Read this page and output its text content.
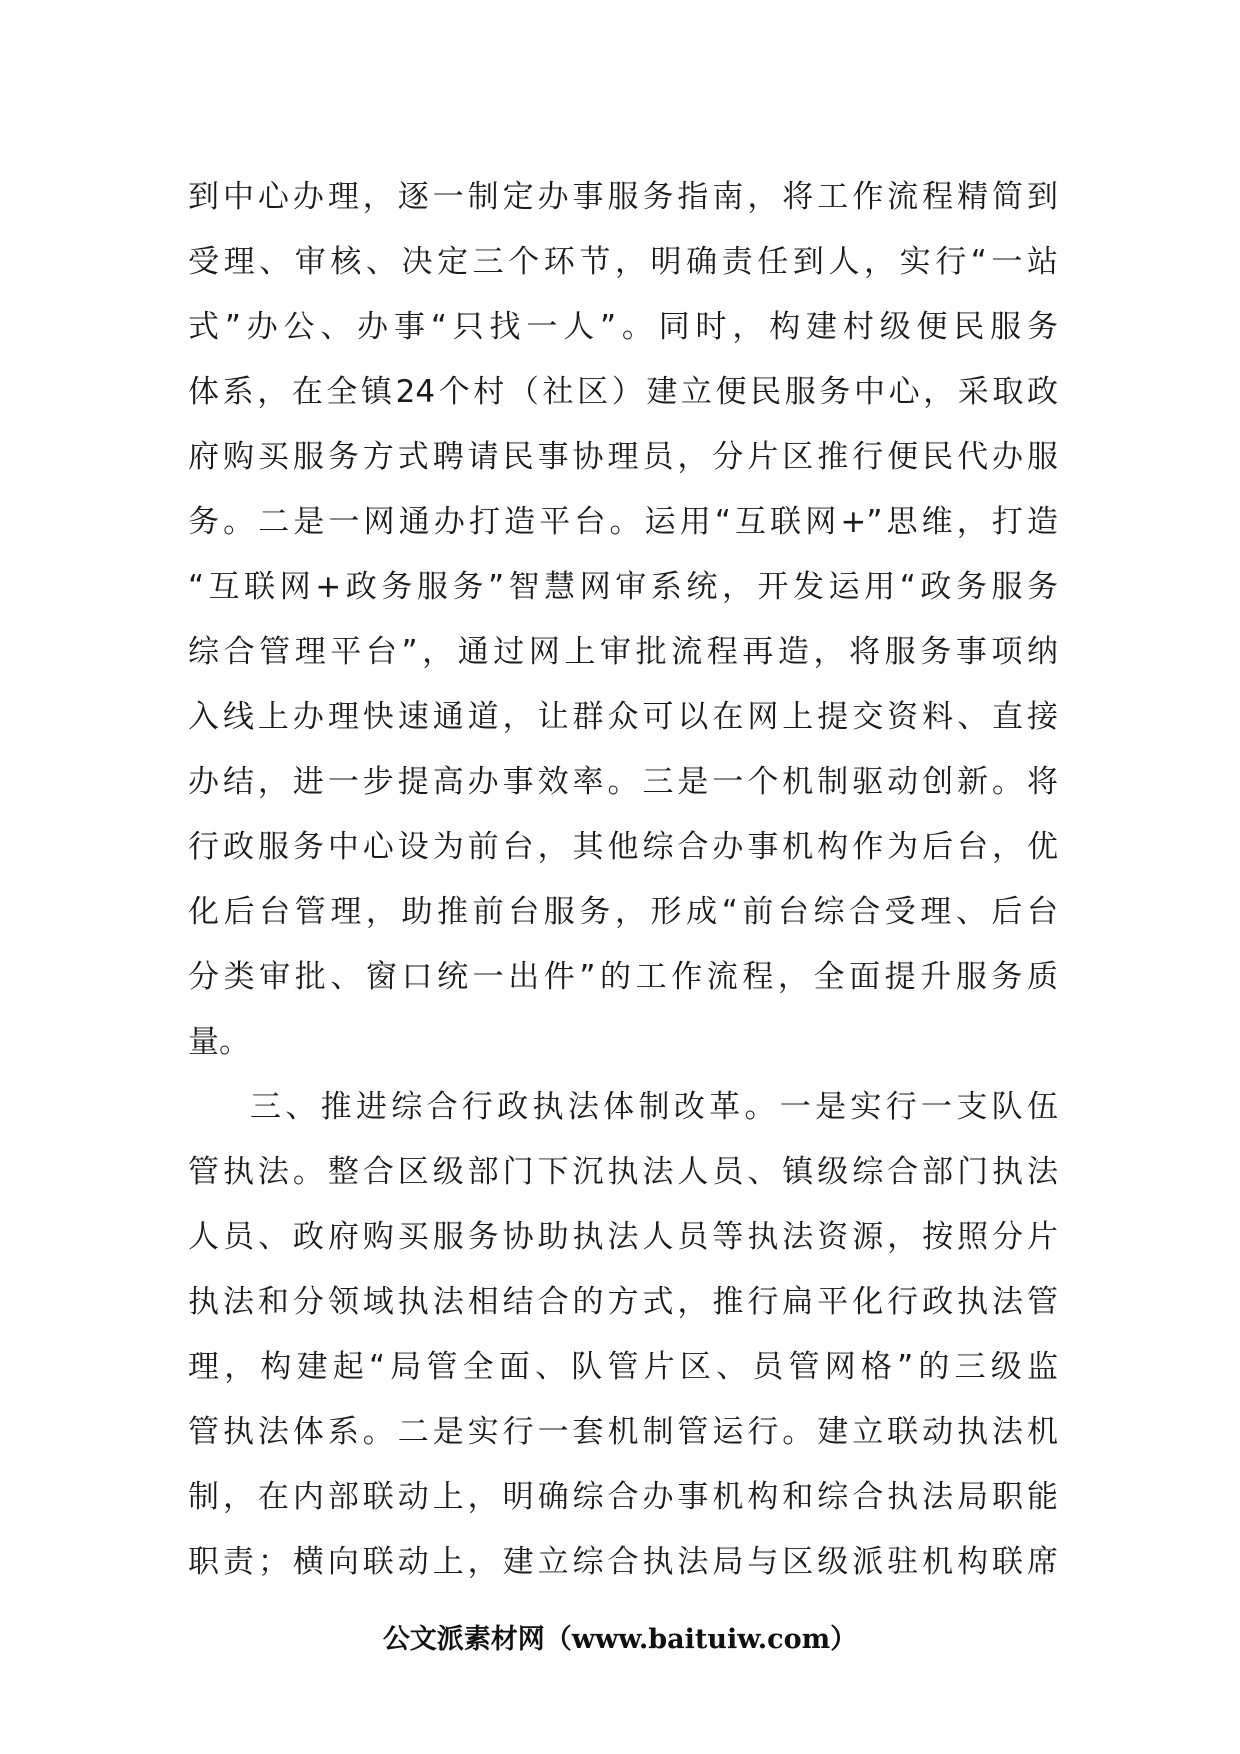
到中心办理，逐一制定办事服务指南，将工作流程精简到
受理、审核、决定三个环节，明确责任到人，实行“一站
式”办公、办事“只找一人”。同时，构建村级便民服务
体系，在全镇24个村（社区）建立便民服务中心，采取政
府购买服务方式聘请民事协理员，分片区推行便民代办服
务。二是一网通办打造平台。运用“互联网+”思维，打造
“互联网+政务服务”智慧网审系统，开发运用“政务服务
综合管理平台”，通过网上审批流程再造，将服务事项纳
入线上办理快速通道，让群众可以在网上提交资料、直接
办结，进一步提高办事效率。三是一个机制驱动创新。将
行政服务中心设为前台，其他综合办事机构作为后台，优
化后台管理，助推前台服务，形成“前台综合受理、后台
分类审批、窗口统一出件”的工作流程，全面提升服务质
量。
三、推进综合行政执法体制改革。一是实行一支队伍
管执法。整合区级部门下沉执法人员、镇级综合部门执法
人员、政府购买服务协助执法人员等执法资源，按照分片
执法和分领域执法相结合的方式，推行扁平化行政执法管
理，构建起“局管全面、队管片区、员管网格”的三级监
管执法体系。二是实行一套机制管运行。建立联动执法机
制，在内部联动上，明确综合办事机构和综合执法局职能
职责；横向联动上，建立综合执法局与区级派驻机构联席
公文派素材网（www.baituiw.com）
